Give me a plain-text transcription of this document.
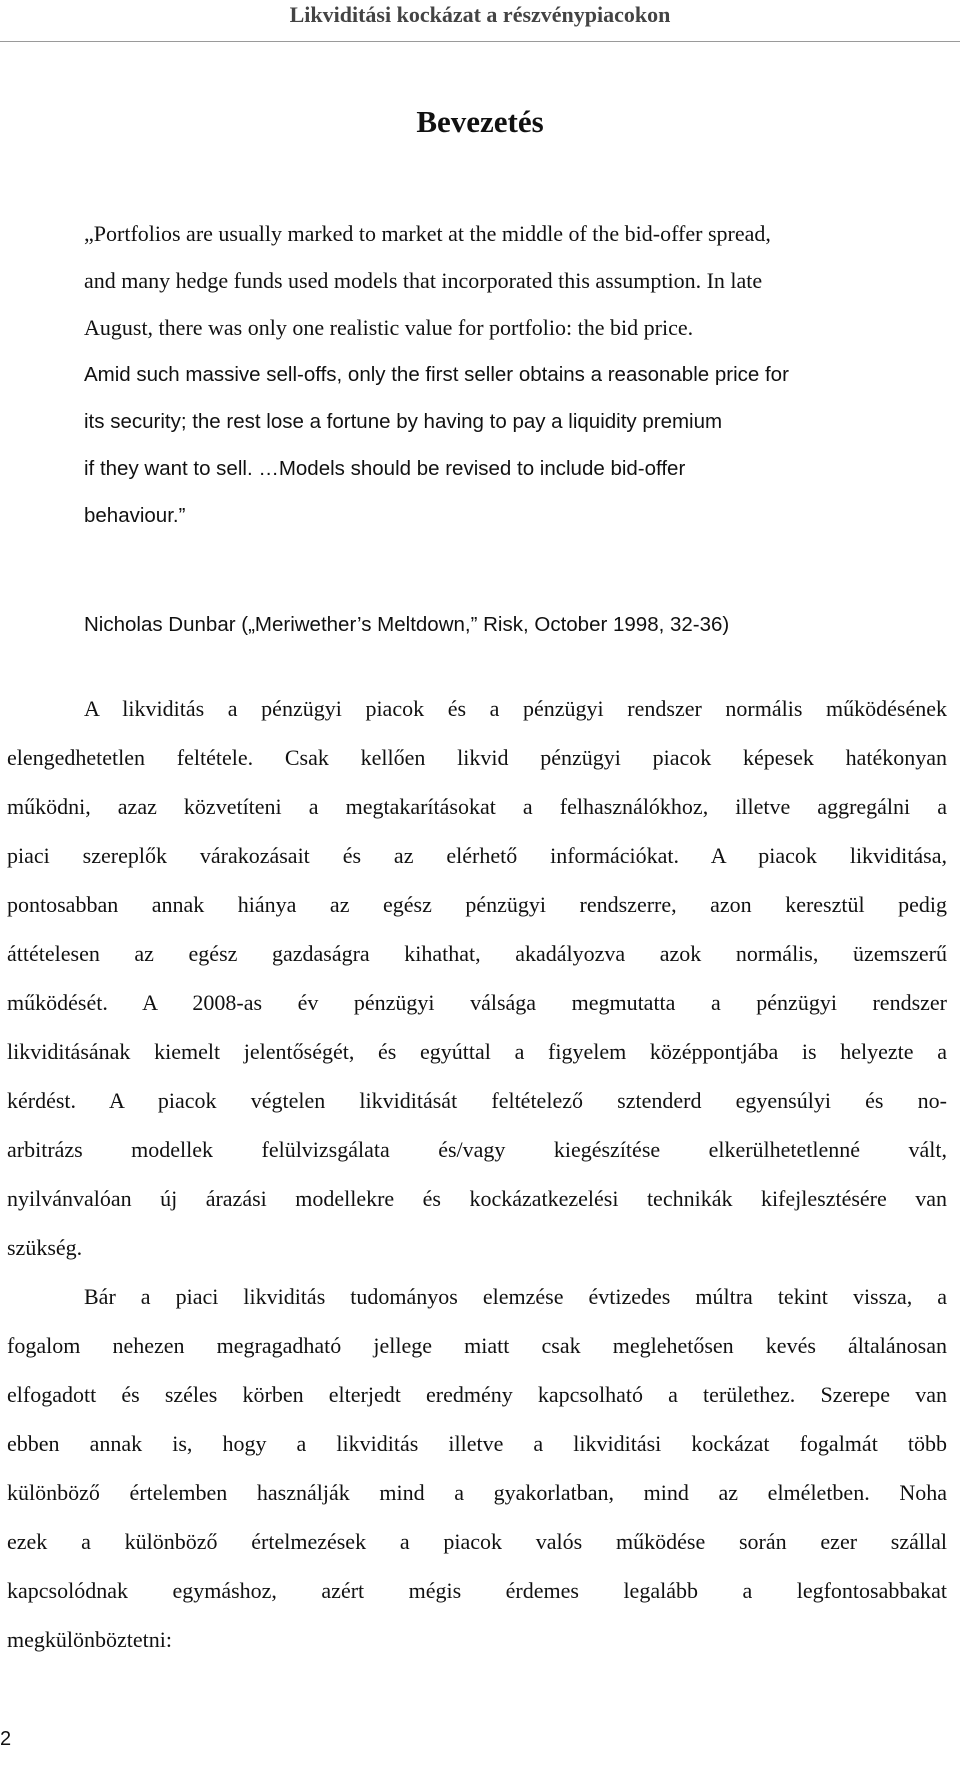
Likviditási kockázat a részvénypiacokon
Bevezetés
„Portfolios are usually marked to market at the middle of the bid-offer spread,
and many hedge funds used models that incorporated this assumption. In late
August, there was only one realistic value for portfolio: the bid price.
Amid such massive sell-offs, only the first seller obtains a reasonable price for
its security; the rest lose a fortune by having to pay a liquidity premium
if they want to sell. …Models should be revised to include bid-offer
behaviour.”
Nicholas Dunbar („Meriwether’s Meltdown,” Risk, October 1998, 32-36)
A likviditás a pénzügyi piacok és a pénzügyi rendszer normális működésének
elengedhetetlen feltétele. Csak kellően likvid pénzügyi piacok képesek hatékonyan
működni, azaz közvetíteni a megtakarításokat a felhasználókhoz, illetve aggregálni a
piaci szereplők várakozásait és az elérhető információkat. A piacok likviditása,
pontosabban annak hiánya az egész pénzügyi rendszerre, azon keresztül pedig
áttételesen az egész gazdaságra kihathat, akadályozva azok normális, üzemszerű
működését. A 2008-as év pénzügyi válsága megmutatta a pénzügyi rendszer
likviditásának kiemelt jelentőségét, és egyúttal a figyelem középpontjába is helyezte a
kérdést. A piacok végtelen likviditását feltételező sztenderd egyensúlyi és no-
arbitrázs modellek felülvizsgálata és/vagy kiegészítése elkerülhetetlenné vált,
nyilvánvalóan új árazási modellekre és kockázatkezelési technikák kifejlesztésére van
szükség.
Bár a piaci likviditás tudományos elemzése évtizedes múltra tekint vissza, a
fogalom nehezen megragadható jellege miatt csak meglehetősen kevés általánosan
elfogadott és széles körben elterjedt eredmény kapcsolható a területhez. Szerepe van
ebben annak is, hogy a likviditás illetve a likviditási kockázat fogalmát több
különböző értelemben használják mind a gyakorlatban, mind az elméletben. Noha
ezek a különböző értelmezések a piacok valós működése során ezer szállal
kapcsolódnak egymáshoz, azért mégis érdemes legalább a legfontosabbakat
megkülönböztetni:
2
